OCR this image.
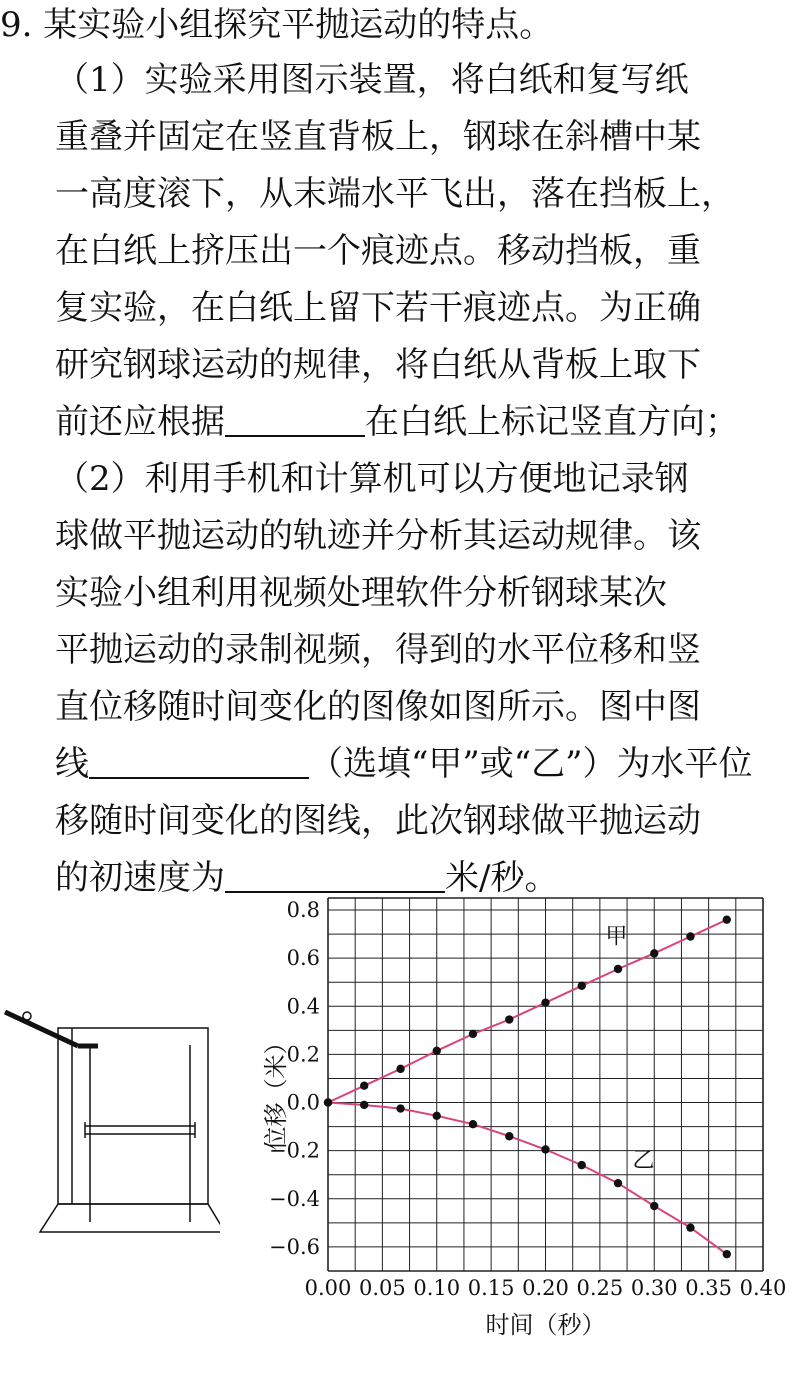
9. 某实验小组探究平抛运动的特点。
（1）实验采用图示装置，将白纸和复写纸
重叠并固定在竖直背板上，钢球在斜槽中某
一高度滚下，从末端水平飞出，落在挡板上，
在白纸上挤压出一个痕迹点。移动挡板，重
复实验，在白纸上留下若干痕迹点。为正确
研究钢球运动的规律，将白纸从背板上取下
前还应根据	在白纸上标记竖直方向；
（2）利用手机和计算机可以方便地记录钢
球做平抛运动的轨迹并分析其运动规律。该
实验小组利用视频处理软件分析钢球某次
平抛运动的录制视频，得到的水平位移和竖
直位移随时间变化的图像如图所示。图中图
线	（选填“甲”或“乙”）为水平位
移随时间变化的图线，此次钢球做平抛运动
的初速度为	米/秒。
0.00 0.05 0.10 0.15 0.20 0.25 0.30 0.35 0.40
0.8
0.6
0.4
0.2
0.0
−0.2
−0.4
−0.6
位移（米）
时间（秒）
甲
乙
